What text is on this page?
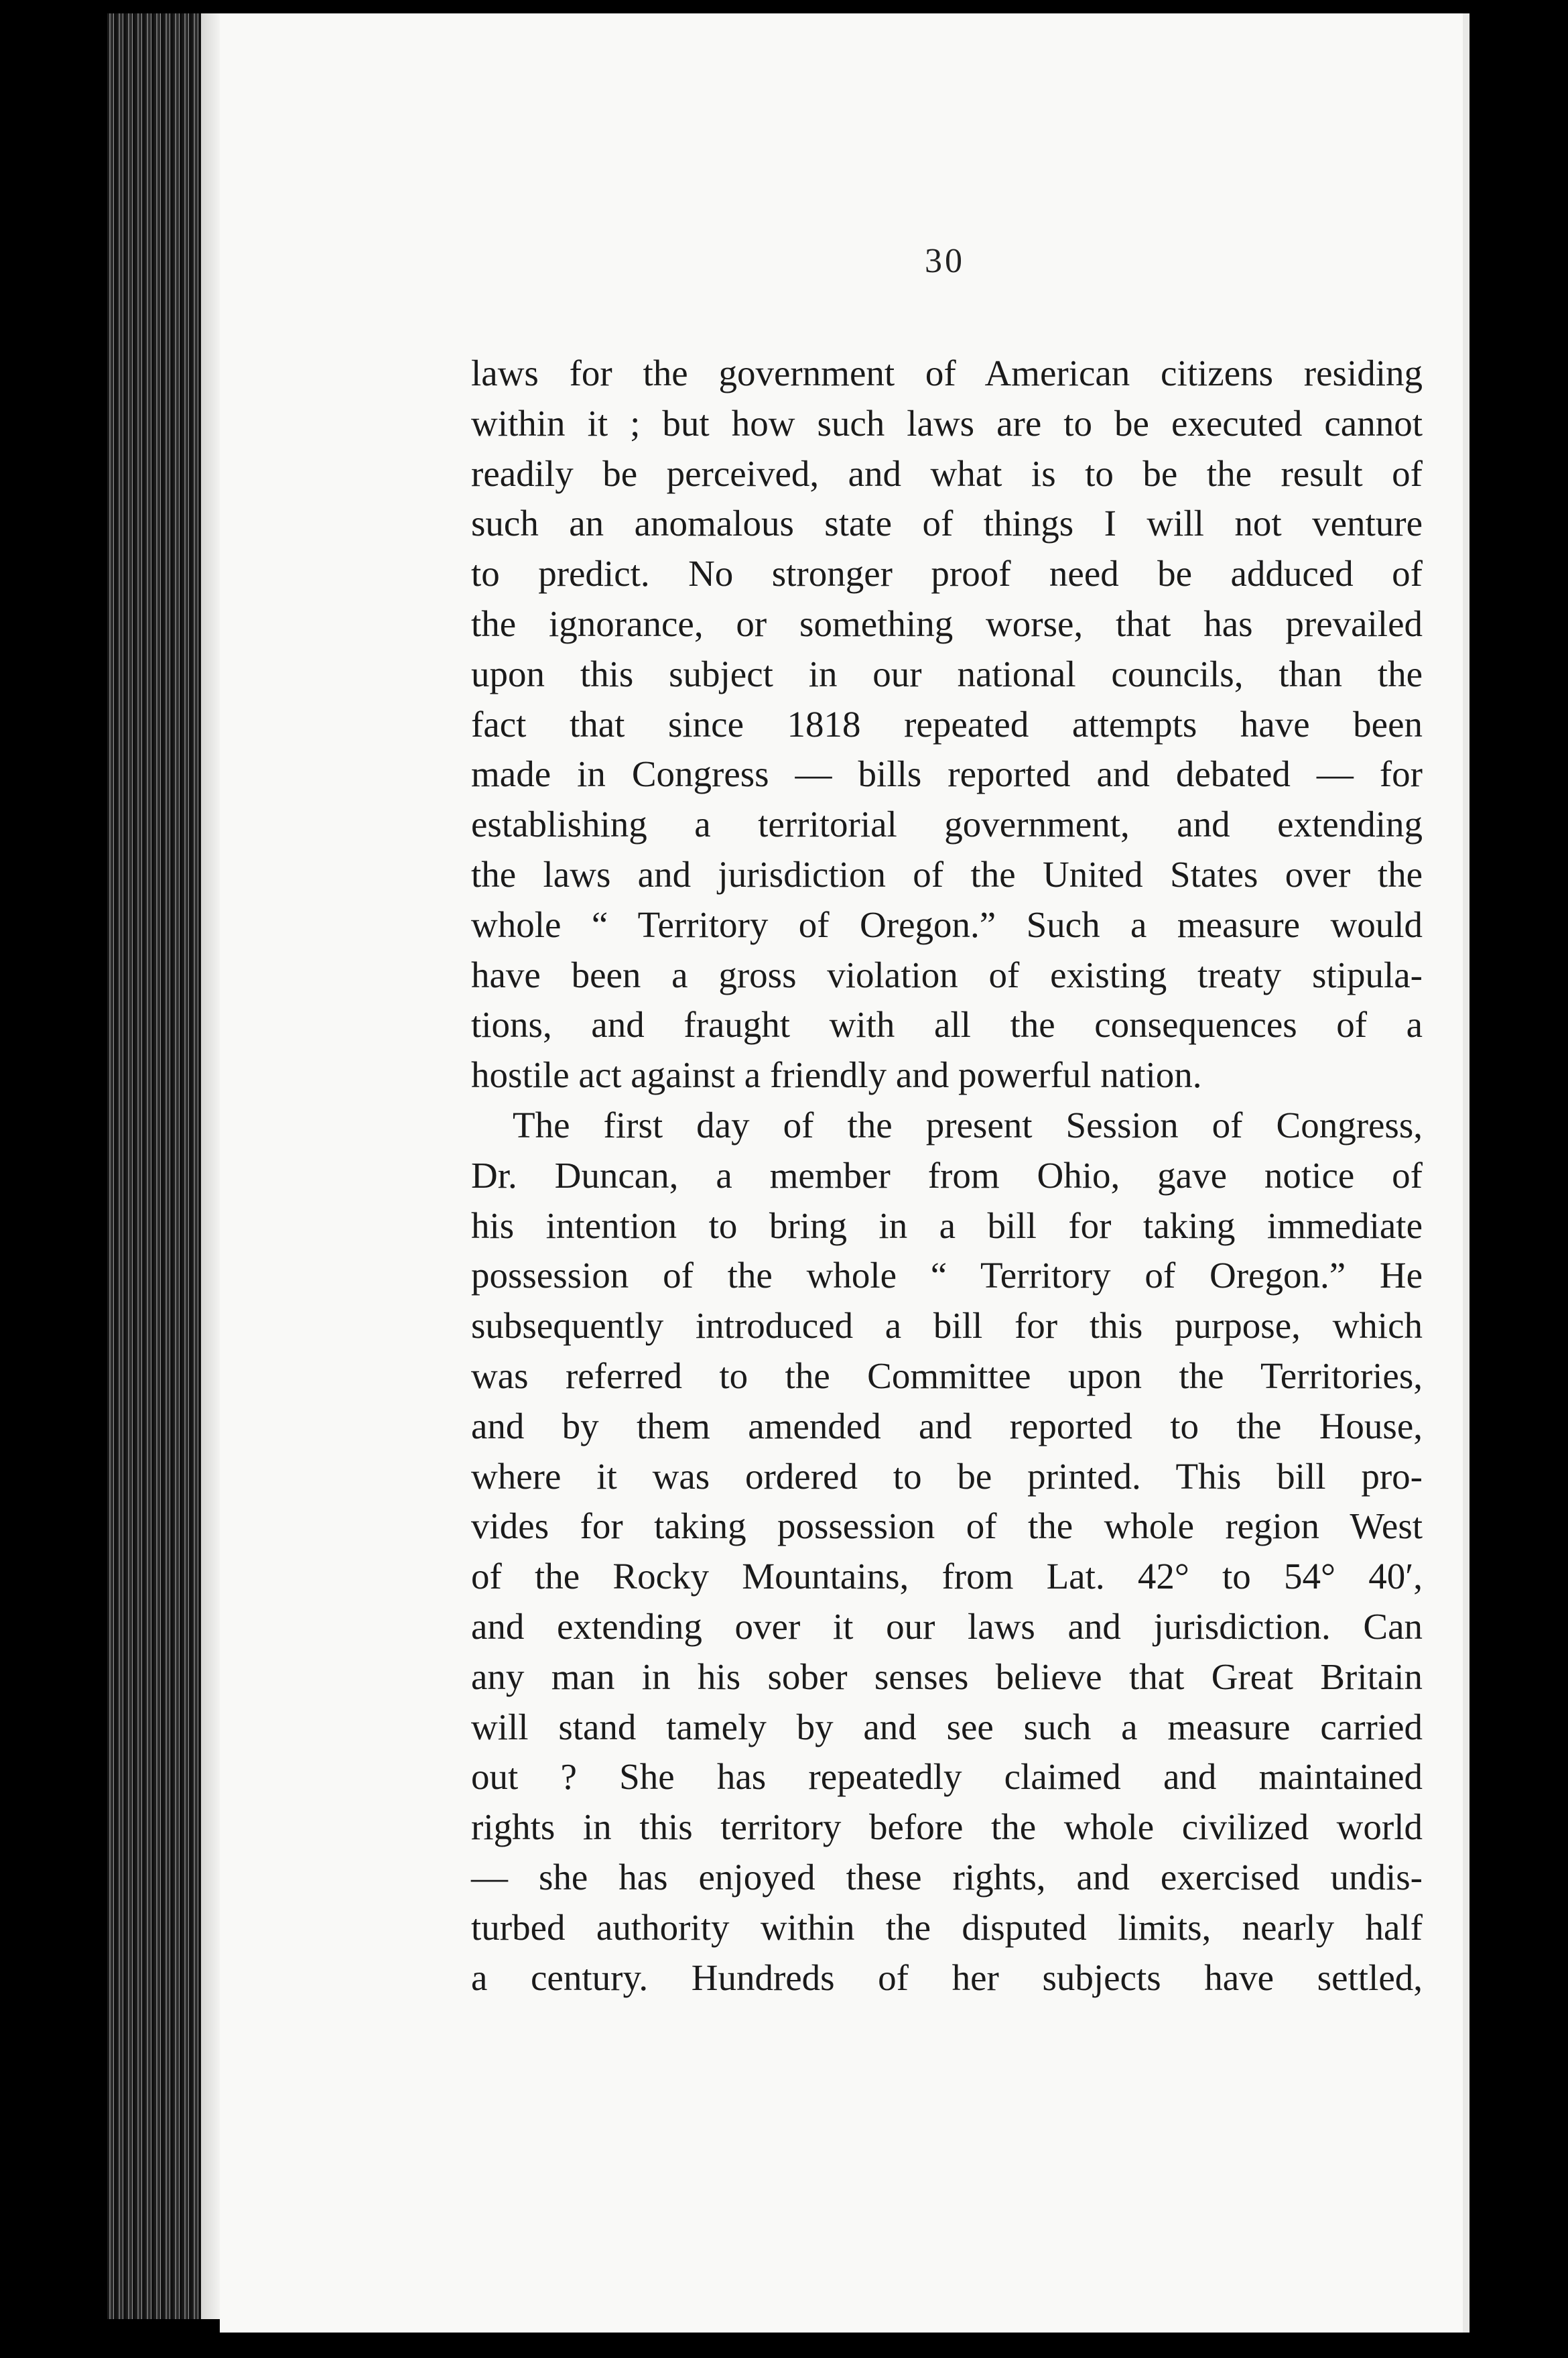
30
laws for the government of American citizens residing
within it ; but how such laws are to be executed cannot
readily be perceived, and what is to be the result of
such an anomalous state of things I will not venture
to predict. No stronger proof need be adduced of
the ignorance, or something worse, that has prevailed
upon this subject in our national councils, than the
fact that since 1818 repeated attempts have been
made in Congress — bills reported and debated — for
establishing a territorial government, and extending
the laws and jurisdiction of the United States over the
whole “ Territory of Oregon.” Such a measure would
have been a gross violation of existing treaty stipula-
tions, and fraught with all the consequences of a
hostile act against a friendly and powerful nation.
The first day of the present Session of Congress,
Dr. Duncan, a member from Ohio, gave notice of
his intention to bring in a bill for taking immediate
possession of the whole “ Territory of Oregon.” He
subsequently introduced a bill for this purpose, which
was referred to the Committee upon the Territories,
and by them amended and reported to the House,
where it was ordered to be printed. This bill pro-
vides for taking possession of the whole region West
of the Rocky Mountains, from Lat. 42° to 54° 40′,
and extending over it our laws and jurisdiction. Can
any man in his sober senses believe that Great Britain
will stand tamely by and see such a measure carried
out ? She has repeatedly claimed and maintained
rights in this territory before the whole civilized world
— she has enjoyed these rights, and exercised undis-
turbed authority within the disputed limits, nearly half
a century. Hundreds of her subjects have settled,
